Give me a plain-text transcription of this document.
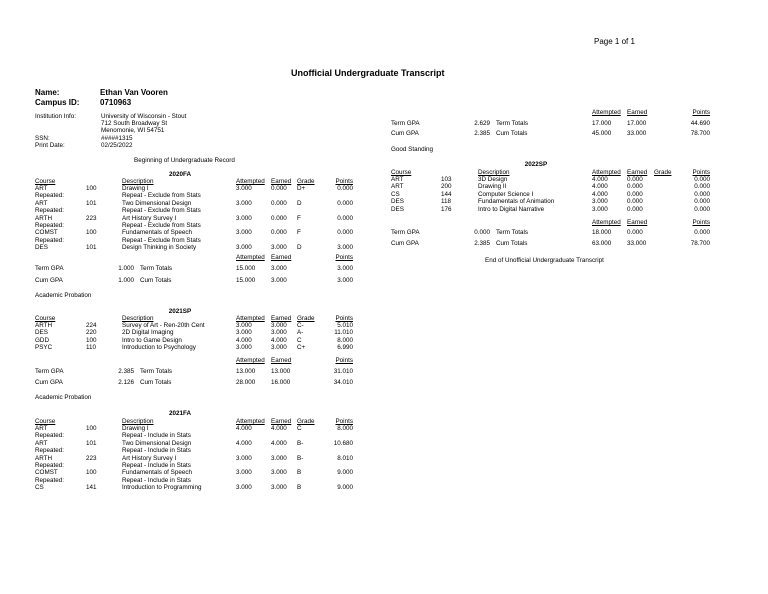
Page 1 of 1
Unofficial Undergraduate Transcript
Name:	Ethan Van Vooren
Campus ID:	0710963
Institution Info:	University of Wisconsin - Stout
712 South Broadway St
Menomonie, WI 54751
SSN:	#####1315
Print Date:	02/25/2022
Beginning of Undergraduate Record
End of Unofficial Undergraduate Transcript
2020FA
Course	Description	Attempted Earned Grade	Points
ART	100	Drawing I	3.000	0.000 D+	0.000
Repeated:	Repeat - Exclude from Stats
ART	101	Two Dimensional Design	3.000	0.000 D	0.000
Repeated:	Repeat - Exclude from Stats
ARTH	223	Art History Survey I	3.000	0.000 F	0.000
Repeated:	Repeat - Exclude from Stats
COMST	100	Fundamentals of Speech	3.000	0.000 F	0.000
Repeated:	Repeat - Exclude from Stats
DES	101	Design Thinking in Society	3.000	3.000 D	3.000
Attempted Earned	Points
Term GPA	1.000 Term Totals	15.000 3.000	3.000
Cum GPA	1.000 Cum Totals	15.000 3.000	3.000
Academic Probation
2021SP
Course	Description	Attempted Earned Grade	Points
ARTH	224	Survey of Art - Ren-20th Cent	3.000	3.000 C-	5.010
DES	220	2D Digital Imaging	3.000	3.000 A-	11.010
GDD	100	Intro to Game Design	4.000	4.000 C	8.000
PSYC	110	Introduction to Psychology	3.000	3.000 C+	6.990
Attempted Earned	Points
Term GPA	2.385 Term Totals	13.000 13.000	31.010
Cum GPA	2.126 Cum Totals	28.000 16.000	34.010
Academic Probation
2021FA
Course	Description	Attempted Earned Grade	Points
ART	100	Drawing I	4.000	4.000 C	8.000
Repeated:	Repeat - Include in Stats
ART	101	Two Dimensional Design	4.000	4.000 B-	10.680
Repeated:	Repeat - Include in Stats
ARTH	223	Art History Survey I	3.000	3.000 B-	8.010
Repeated:	Repeat - Include in Stats
COMST	100	Fundamentals of Speech	3.000	3.000 B	9.000
Repeated:	Repeat - Include in Stats
CS	141	Introduction to Programming	3.000	3.000 B	9.000
Attempted Earned	Points
Term GPA	2.629 Term Totals	17.000 17.000	44.690
Cum GPA	2.385 Cum Totals	45.000 33.000	78.700
Good Standing
2022SP
Course	Description	Attempted Earned Grade	Points
ART	103	3D Design	4.000	0.000	0.000
ART	200	Drawing II	4.000	0.000	0.000
CS	144	Computer Science I	4.000	0.000	0.000
DES	118	Fundamentals of Animation	3.000	0.000	0.000
DES	176	Intro to Digital Narrative	3.000	0.000	0.000
Attempted Earned	Points
Term GPA	0.000 Term Totals	18.000 0.000	0.000
Cum GPA	2.385 Cum Totals	63.000 33.000	78.700
